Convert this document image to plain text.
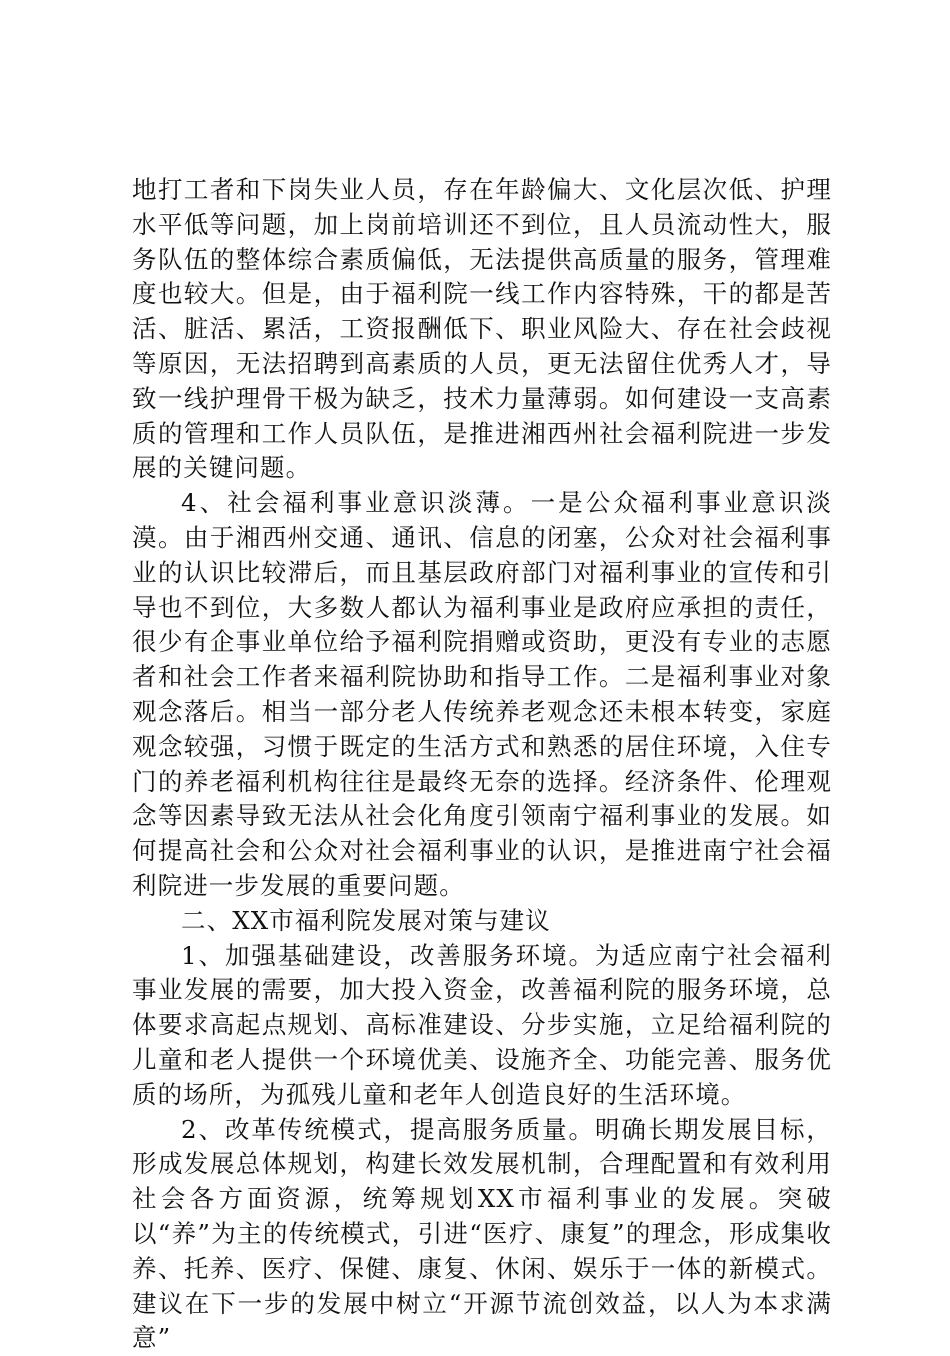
地打工者和下岗失业人员，存在年龄偏大、文化层次低、护理水平低等问题，加上岗前培训还不到位，且人员流动性大，服务队伍的整体综合素质偏低，无法提供高质量的服务，管理难度也较大。但是，由于福利院一线工作内容特殊，干的都是苦活、脏活、累活，工资报酬低下、职业风险大、存在社会歧视等原因，无法招聘到高素质的人员，更无法留住优秀人才，导致一线护理骨干极为缺乏，技术力量薄弱。如何建设一支高素质的管理和工作人员队伍，是推进湘西州社会福利院进一步发展的关键问题。

4、社会福利事业意识淡薄。一是公众福利事业意识淡漠。由于湘西州交通、通讯、信息的闭塞，公众对社会福利事业的认识比较滞后，而且基层政府部门对福利事业的宣传和引导也不到位，大多数人都认为福利事业是政府应承担的责任，很少有企事业单位给予福利院捐赠或资助，更没有专业的志愿者和社会工作者来福利院协助和指导工作。二是福利事业对象观念落后。相当一部分老人传统养老观念还未根本转变，家庭观念较强，习惯于既定的生活方式和熟悉的居住环境，入住专门的养老福利机构往往是最终无奈的选择。经济条件、伦理观念等因素导致无法从社会化角度引领南宁福利事业的发展。如何提高社会和公众对社会福利事业的认识，是推进南宁社会福利院进一步发展的重要问题。

二、XX市福利院发展对策与建议

1、加强基础建设，改善服务环境。为适应南宁社会福利事业发展的需要，加大投入资金，改善福利院的服务环境，总体要求高起点规划、高标准建设、分步实施，立足给福利院的儿童和老人提供一个环境优美、设施齐全、功能完善、服务优质的场所，为孤残儿童和老年人创造良好的生活环境。

2、改革传统模式，提高服务质量。明确长期发展目标，形成发展总体规划，构建长效发展机制，合理配置和有效利用社会各方面资源，统筹规划XX市福利事业的发展。突破以“养”为主的传统模式，引进“医疗、康复”的理念，形成集收养、托养、医疗、保健、康复、休闲、娱乐于一体的新模式。建议在下一步的发展中树立“开源节流创效益，以人为本求满意”
